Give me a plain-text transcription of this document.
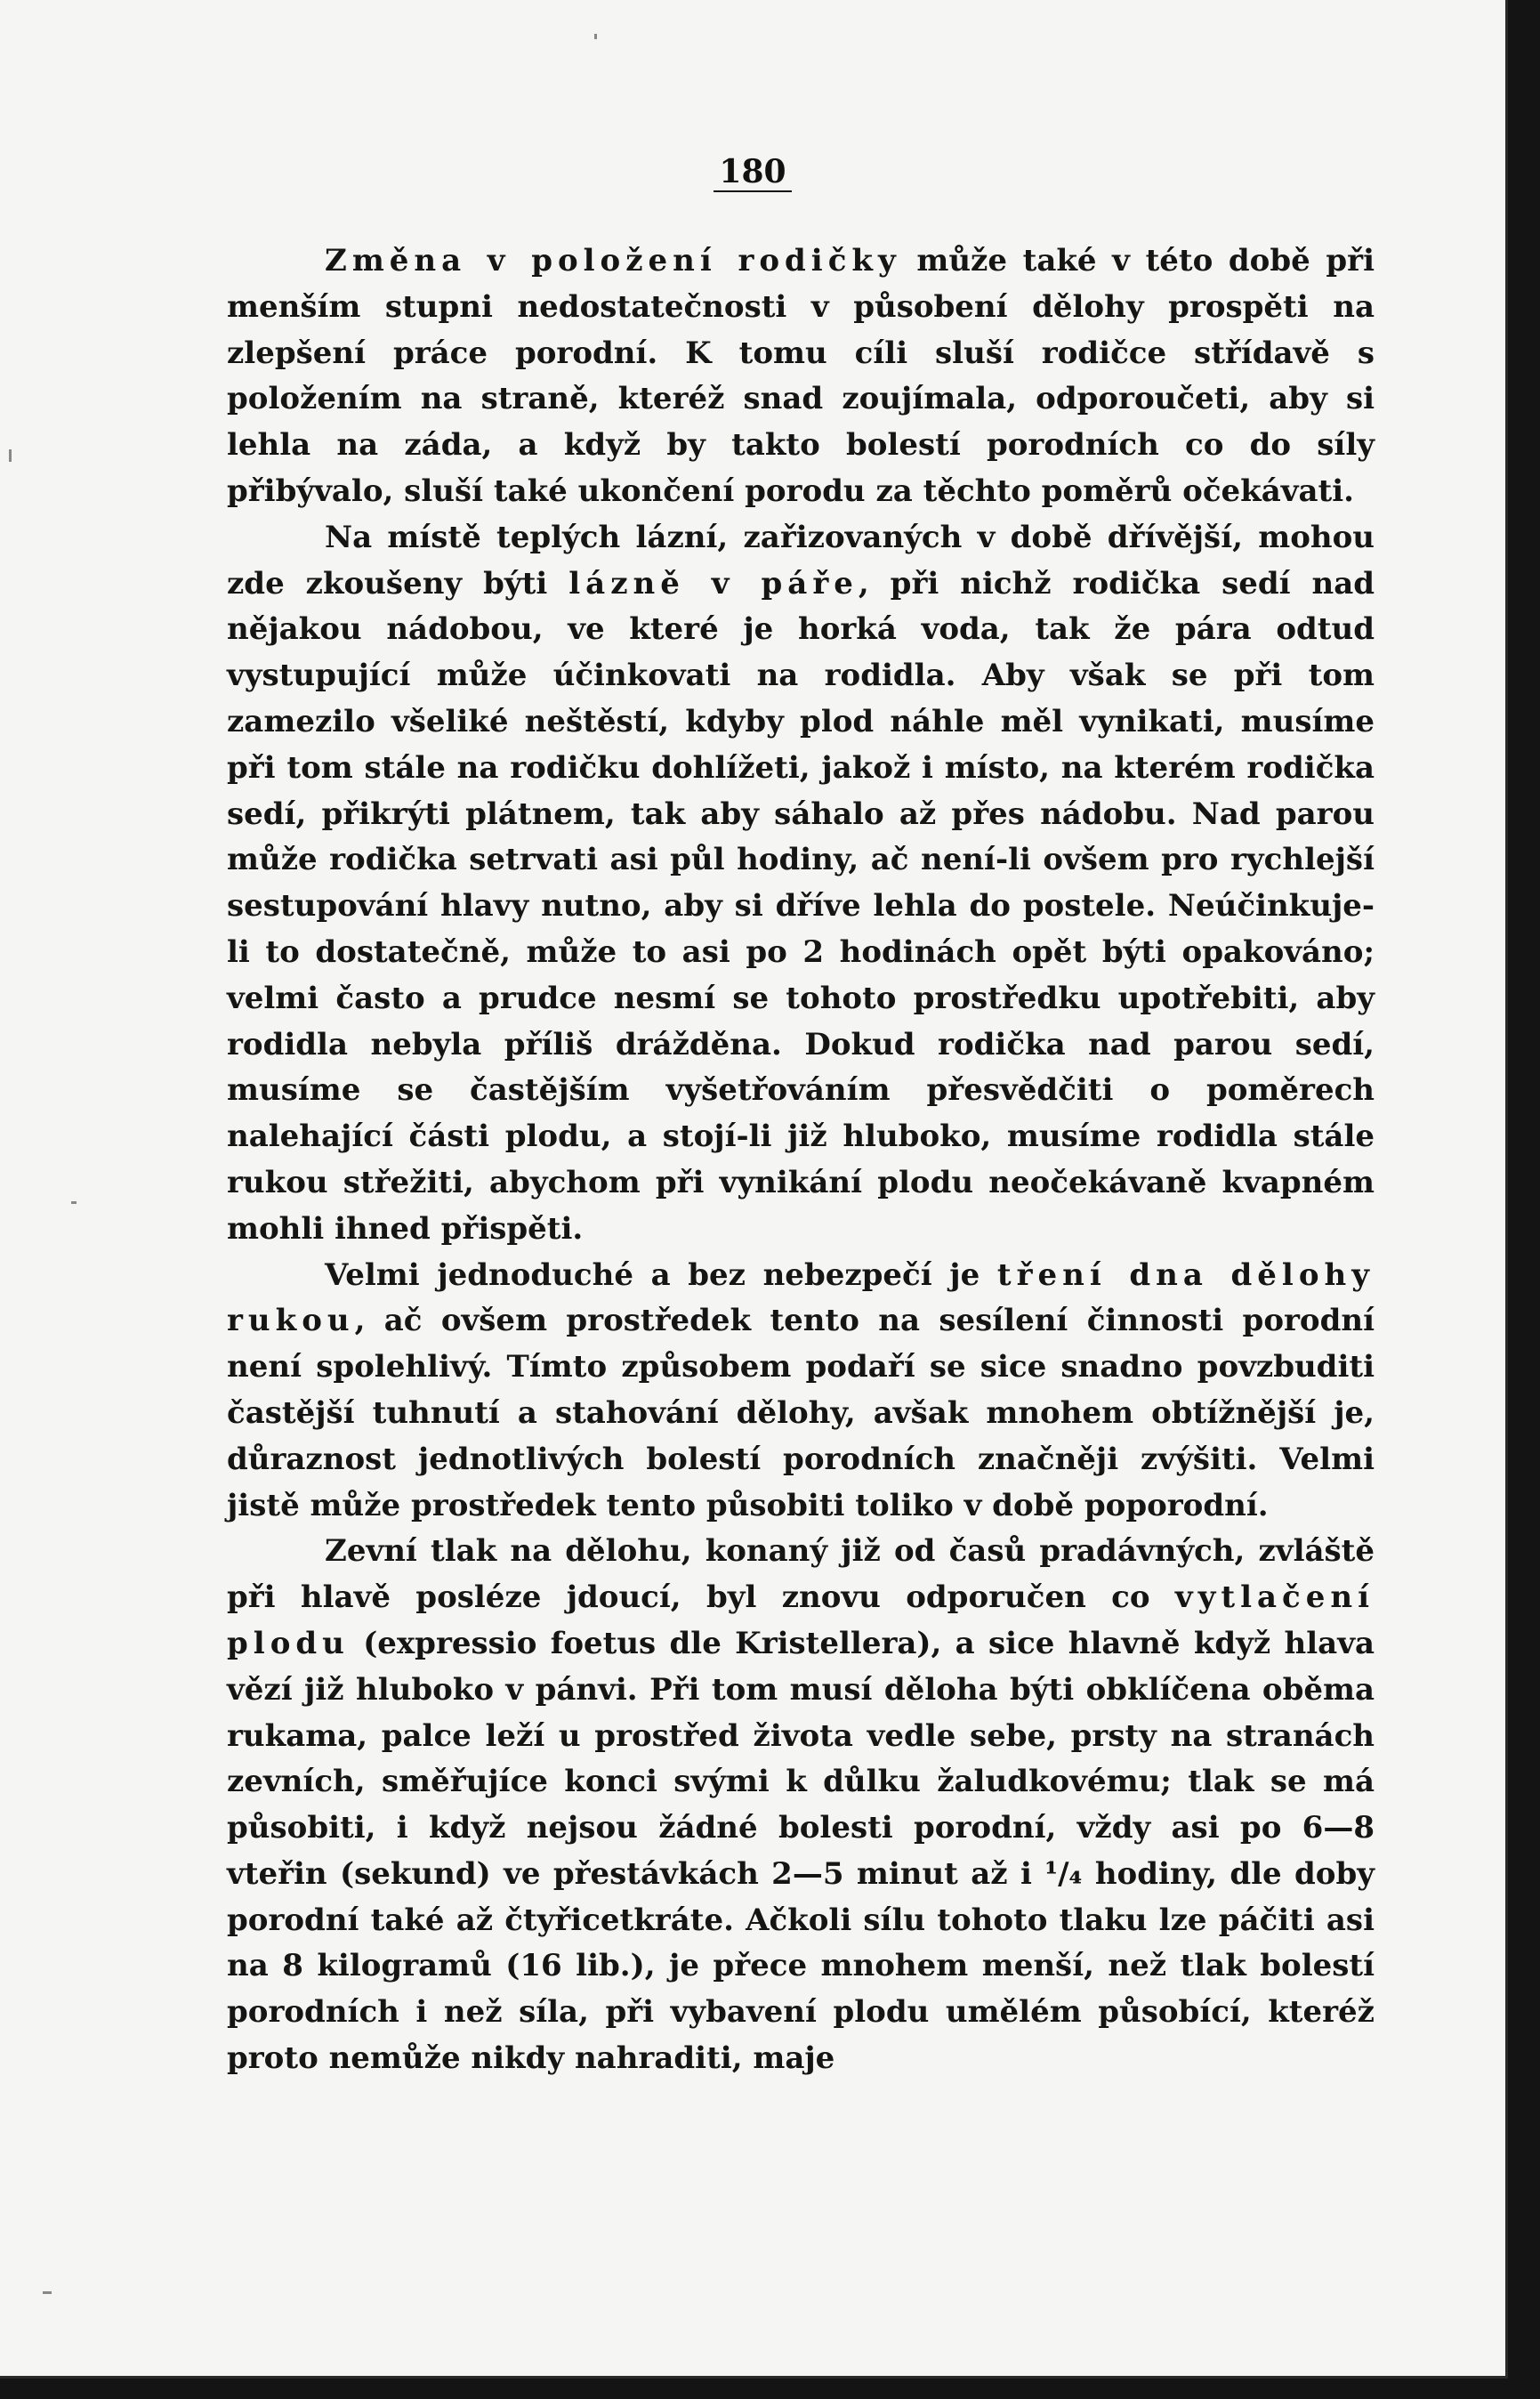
180

Změna v položení rodičky může také v této době při menším stupni nedostatečnosti v působení dělohy prospěti na zlepšení práce porodní. K tomu cíli sluší rodičce střídavě s položením na straně, kteréž snad zoujímala, odporoučeti, aby si lehla na záda, a když by takto bolestí porodních co do síly přibývalo, sluší také ukončení porodu za těchto poměrů očekávati.

Na místě teplých lázní, zařizovaných v době dřívější, mohou zde zkoušeny býti lázně v páře, při nichž rodička sedí nad nějakou nádobou, ve které je horká voda, tak že pára odtud vystupující může účinkovati na rodidla. Aby však se při tom zamezilo všeliké neštěstí, kdyby plod náhle měl vynikati, musíme při tom stále na rodičku dohlížeti, jakož i místo, na kterém rodička sedí, přikrýti plátnem, tak aby sáhalo až přes nádobu. Nad parou může rodička setrvati asi půl hodiny, ač není-li ovšem pro rychlejší sestupování hlavy nutno, aby si dříve lehla do postele. Neúčinkuje-li to dostatečně, může to asi po 2 hodinách opět býti opakováno; velmi často a prudce nesmí se tohoto prostředku upotřebiti, aby rodidla nebyla příliš drážděna. Dokud rodička nad parou sedí, musíme se častějším vyšetřováním přesvědčiti o poměrech nalehající části plodu, a stojí-li již hluboko, musíme rodidla stále rukou střežiti, abychom při vynikání plodu neočekávaně kvapném mohli ihned přispěti.

Velmi jednoduché a bez nebezpečí je tření dna dělohy rukou, ač ovšem prostředek tento na sesílení činnosti porodní není spolehlivý. Tímto způsobem podaří se sice snadno povzbuditi častější tuhnutí a stahování dělohy, avšak mnohem obtížnější je, důraznost jednotlivých bolestí porodních značněji zvýšiti. Velmi jistě může prostředek tento působiti toliko v době poporodní.

Zevní tlak na dělohu, konaný již od časů pradávných, zvláště při hlavě posléze jdoucí, byl znovu odporučen co vytlačení plodu (expressio foetus dle Kristellera), a sice hlavně když hlava vězí již hluboko v pánvi. Při tom musí děloha býti obklíčena oběma rukama, palce leží u prostřed života vedle sebe, prsty na stranách zevních, směřujíce konci svými k důlku žaludkovému; tlak se má působiti, i když nejsou žádné bolesti porodní, vždy asi po 6—8 vteřin (sekund) ve přestávkách 2—5 minut až i ¹/₄ hodiny, dle doby porodní také až čtyřicetkráte. Ačkoli sílu tohoto tlaku lze páčiti asi na 8 kilogramů (16 lib.), je přece mnohem menší, než tlak bolestí porodních i než síla, při vybavení plodu umělém působící, kteréž proto nemůže nikdy nahraditi, maje
